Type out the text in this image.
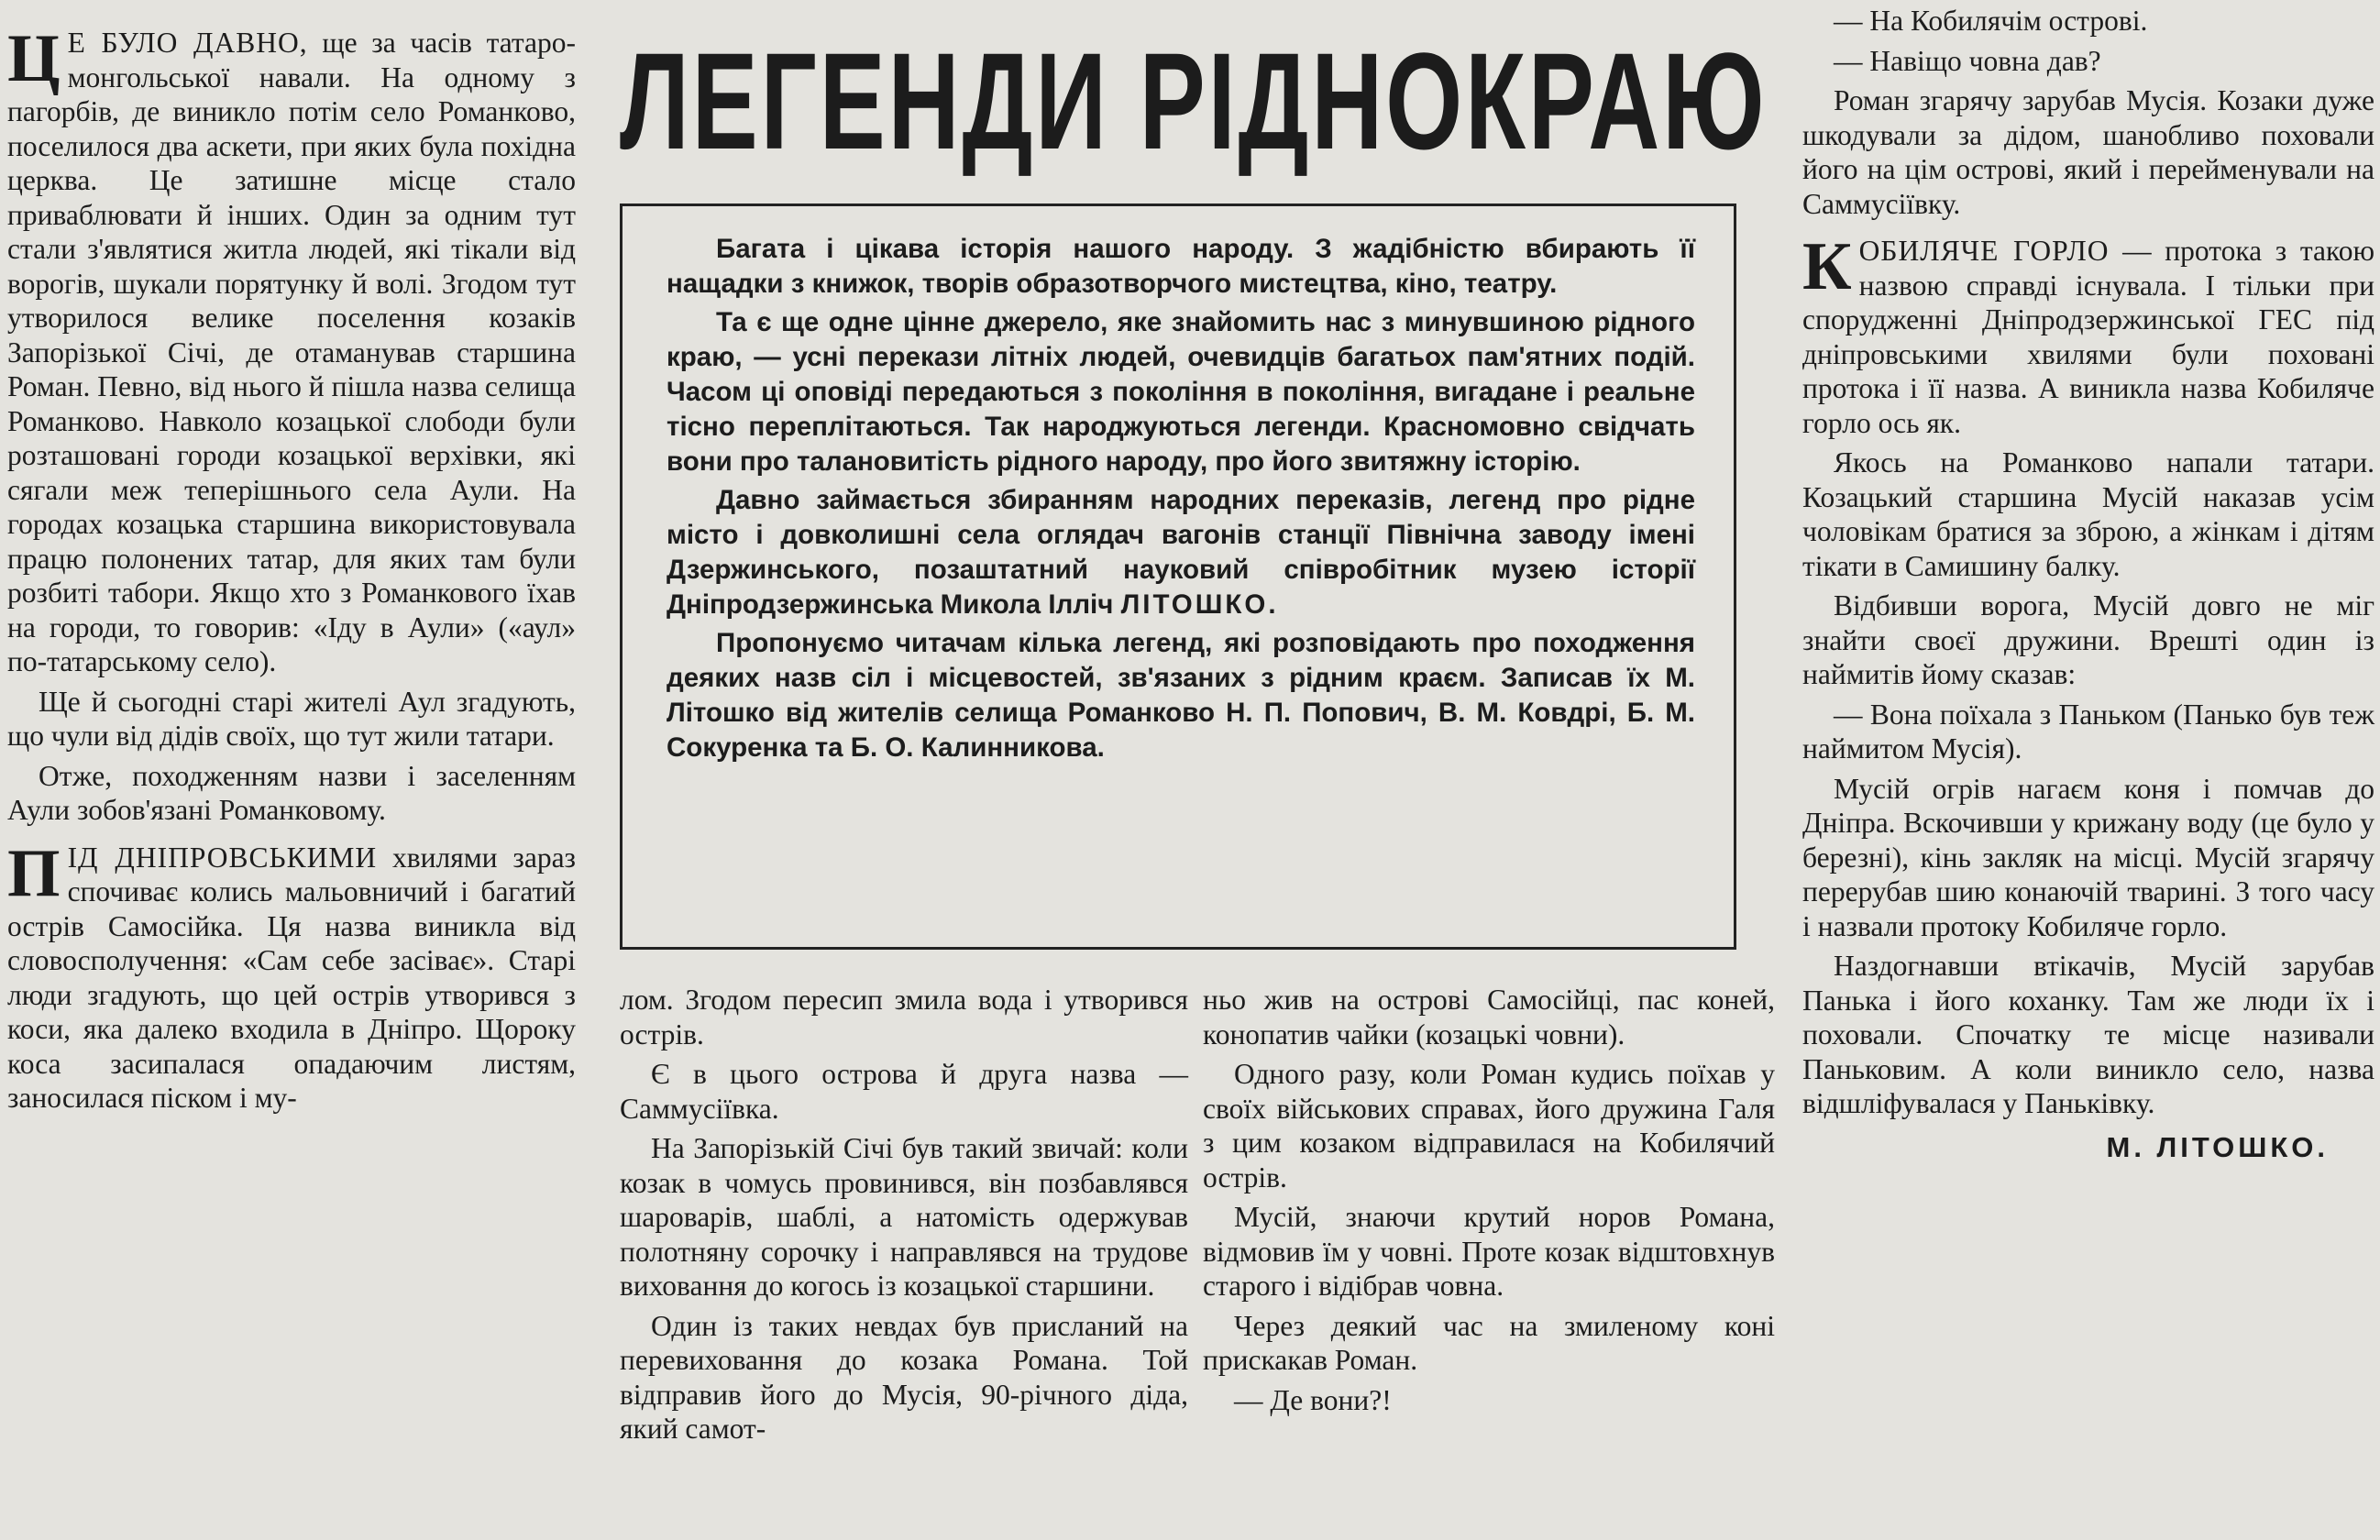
ЛЕГЕНДИ РІДНОКРАЮ

Багата і цікава історія нашого народу. З жадібністю вбирають її нащадки з книжок, творів образотворчого мистецтва, кіно, театру.

Та є ще одне цінне джерело, яке знайомить нас з минувшиною рідного краю, — усні перекази літніх людей, очевидців багатьох пам'ятних подій. Часом ці оповіді передаються з покоління в покоління, вигадане і реальне тісно переплітаються. Так народжуються легенди. Красномовно свідчать вони про талановитість рідного народу, про його звитяжну історію.

Давно займається збиранням народних переказів, легенд про рідне місто і довколишні села оглядач вагонів станції Північна заводу імені Дзержинського, позаштатний науковий співробітник музею історії Дніпродзержинська Микола Ілліч ЛІТОШКО.

Пропонуємо читачам кілька легенд, які розповідають про походження деяких назв сіл і місцевостей, зв'язаних з рідним краєм. Записав їх М. Літошко від жителів селища Романково Н. П. Попович, В. М. Ковдрі, Б. М. Сокуренка та Б. О. Калинникова.

Ц Е БУЛО ДАВНО, ще за часів татаро-монгольської навали. На одному з пагорбів, де виникло потім село Романково, поселилося два аскети, при яких була похідна церква. Це затишне місце стало приваблювати й інших. Один за одним тут стали з'являтися житла людей, які тікали від ворогів, шукали порятунку й волі. Згодом тут утворилося велике поселення козаків Запорізької Січі, де отаманував старшина Роман. Певно, від нього й пішла назва селища Романково. Навколо козацької слободи були розташовані городи козацької верхівки, які сягали меж теперішнього села Аули. На городах козацька старшина використовувала працю полонених татар, для яких там були розбиті табори. Якщо хто з Романкового їхав на городи, то говорив: «Іду в Аули» («аул» по-татарському село).

Ще й сьогодні старі жителі Аул згадують, що чули від дідів своїх, що тут жили татари.

Отже, походженням назви і заселенням Аули зобов'язані Романковому.

ПІД ДНІПРОВСЬКИМИ хвилями зараз спочиває колись мальовничий і багатий острів Самосійка. Ця назва виникла від словосполучення: «Сам себе засіває». Старі люди згадують, що цей острів утворився з коси, яка далеко входила в Дніпро. Щороку коса засипалася опадаючим листям, заносилася піском і му-

лом. Згодом пересип змила вода і утворився острів.

Є в цього острова й друга назва — Саммусіївка.

На Запорізькій Січі був такий звичай: коли козак в чомусь провинився, він позбавлявся шароварів, шаблі, а натомість одержував полотняну сорочку і направлявся на трудове виховання до когось із козацької старшини.

Один із таких невдах був присланий на перевиховання до козака Романа. Той відправив його до Мусія, 90-річного діда, який самот-

ньо жив на острові Самосійці, пас коней, конопатив чайки (козацькі човни).

Одного разу, коли Роман кудись поїхав у своїх військових справах, його дружина Галя з цим козаком відправилася на Кобилячий острів.

Мусій, знаючи крутий норов Романа, відмовив їм у човні. Проте козак відштовхнув старого і відібрав човна.

Через деякий час на змиленому коні прискакав Роман.

— Де вони?!

— На Кобилячім острові.

— Навіщо човна дав?

Роман згарячу зарубав Мусія. Козаки дуже шкодували за дідом, шанобливо поховали його на цім острові, який і перейменували на Саммусіївку.

КОБИЛЯЧЕ ГОРЛО — протока з такою назвою справді існувала. І тільки при спорудженні Дніпродзержинської ГЕС під дніпровськими хвилями були поховані протока і її назва. А виникла назва Кобиляче горло ось як.

Якось на Романково напали татари. Козацький старшина Мусій наказав усім чоловікам братися за зброю, а жінкам і дітям тікати в Самишину балку.

Відбивши ворога, Мусій довго не міг знайти своєї дружини. Врешті один із наймитів йому сказав:

— Вона поїхала з Паньком (Панько був теж наймитом Мусія).

Мусій огрів нагаєм коня і помчав до Дніпра. Вскочивши у крижану воду (це було у березні), кінь закляк на місці. Мусій згарячу перерубав шию конаючій тварині. З того часу і назвали протоку Кобиляче горло.

Наздогнавши втікачів, Мусій зарубав Панька і його коханку. Там же люди їх і поховали. Спочатку те місце називали Паньковим. А коли виникло село, назва відшліфувалася у Паньківку.

М. ЛІТОШКО.
